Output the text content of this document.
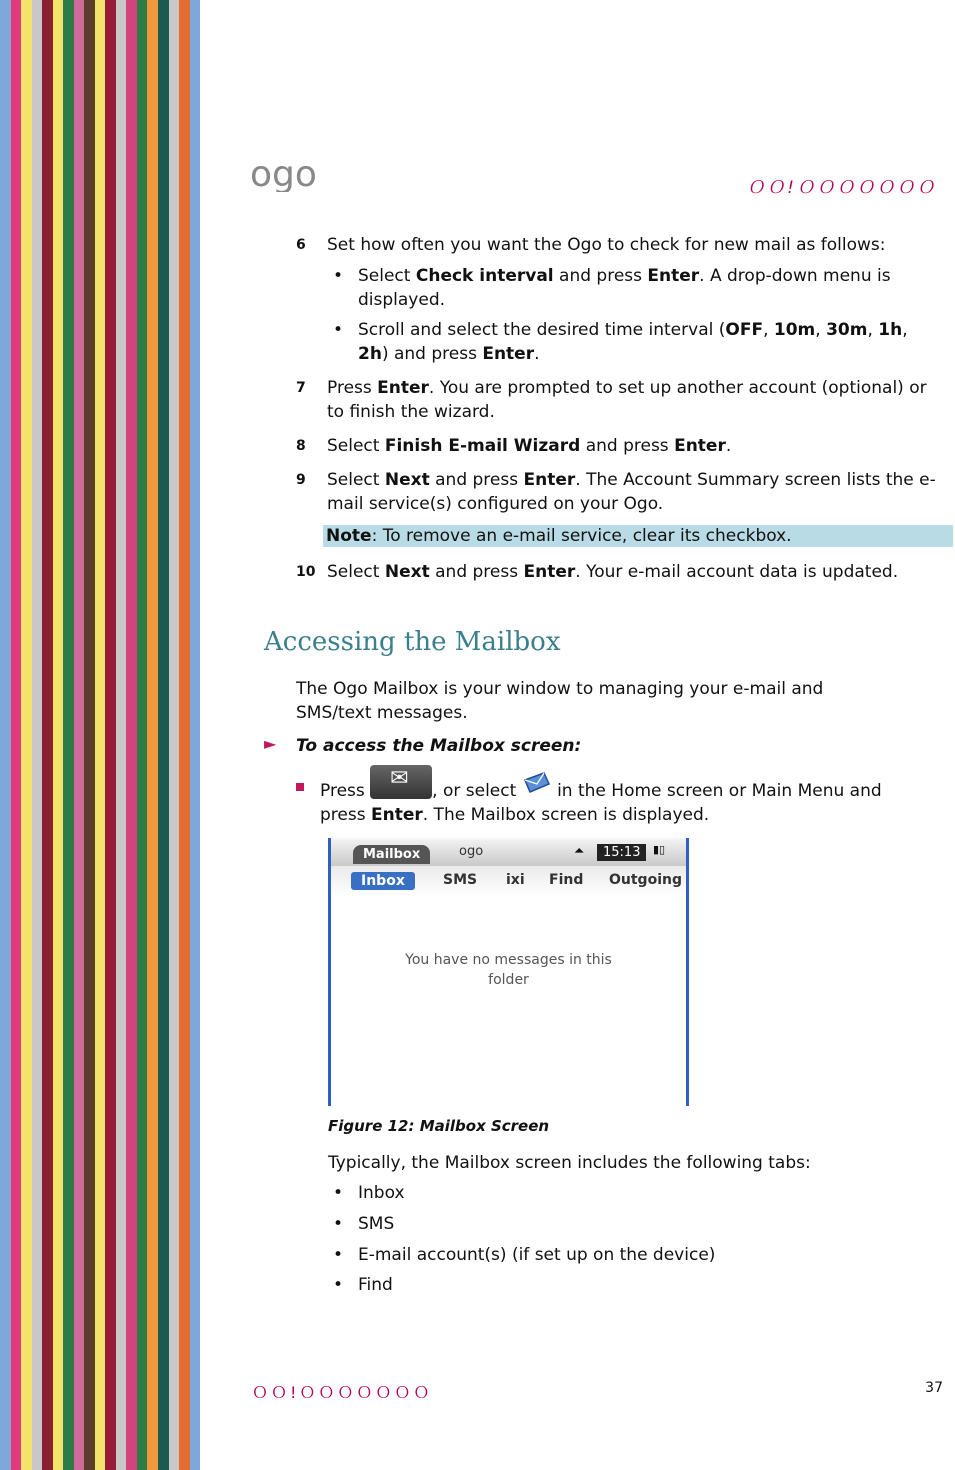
ogo	ＯＯ!ＯＯＯＯＯＯＯ
6 Set how often you want the Ogo to check for new mail as follows:
• Select Check interval and press Enter. A drop-down menu is displayed.
• Scroll and select the desired time interval (OFF, 10m, 30m, 1h, 2h) and press Enter.
7 Press Enter. You are prompted to set up another account (optional) or to finish the wizard.
8 Select Finish E-mail Wizard and press Enter.
9 Select Next and press Enter. The Account Summary screen lists the e-mail service(s) configured on your Ogo.
Note: To remove an e-mail service, clear its checkbox.
10 Select Next and press Enter. Your e-mail account data is updated.
Accessing the Mailbox
The Ogo Mailbox is your window to managing your e-mail and SMS/text messages.
► To access the Mailbox screen:
Press ✉	, or select  in the Home screen or Main Menu and press Enter. The Mailbox screen is displayed.
Mailbox	ogo	⏶	15:13	▮▯
Inbox	SMS ixi Find Outgoing
You have no messages in this folder
Figure 12: Mailbox Screen
Typically, the Mailbox screen includes the following tabs:
• Inbox
• SMS
• E-mail account(s) (if set up on the device)
• Find
ＯＯ!ＯＯＯＯＯＯＯ	37
